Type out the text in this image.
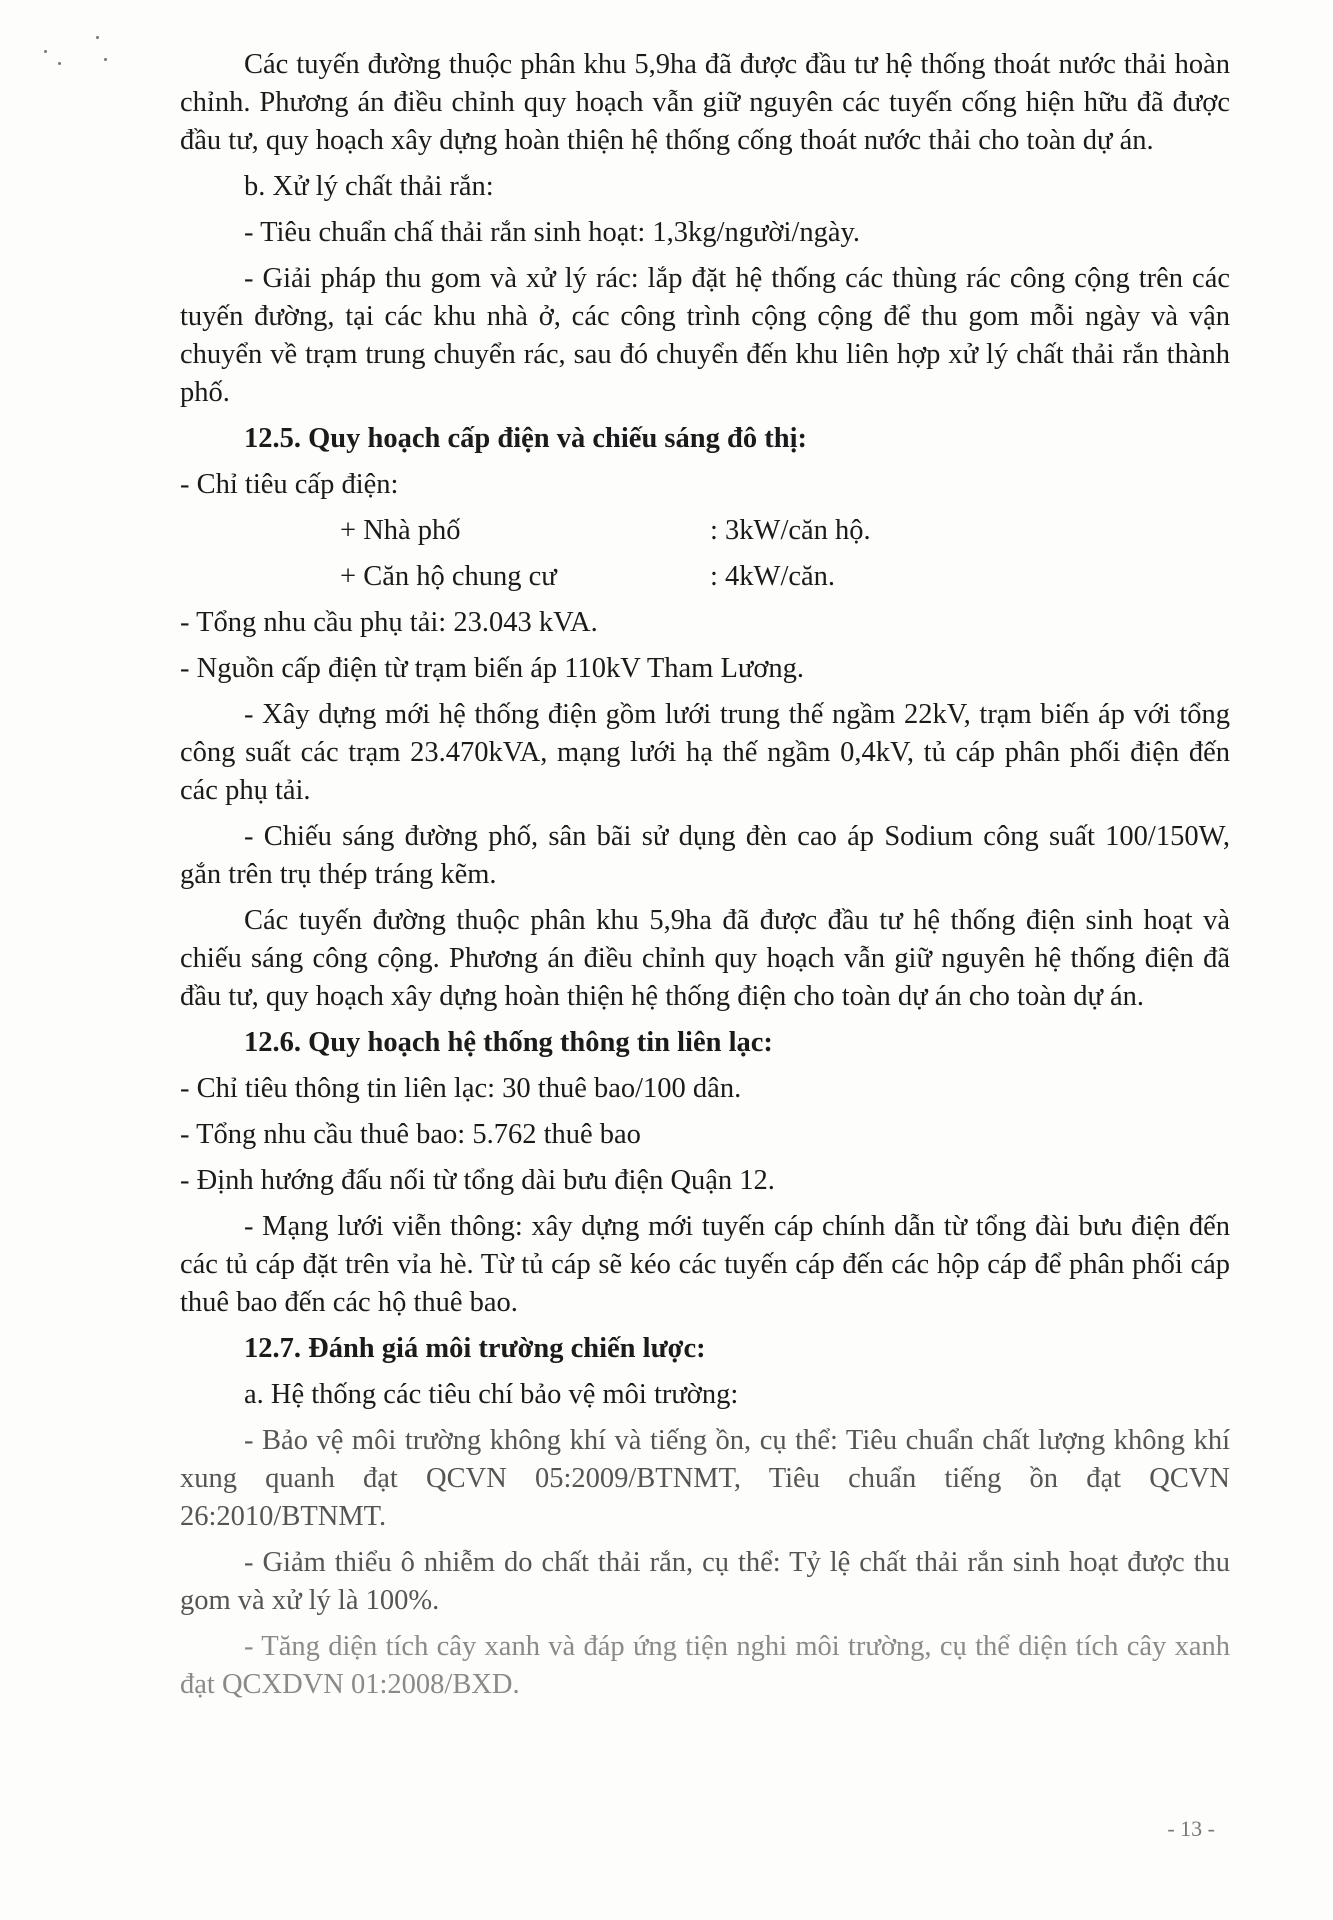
Các tuyến đường thuộc phân khu 5,9ha đã được đầu tư hệ thống thoát nước thải hoàn chỉnh. Phương án điều chỉnh quy hoạch vẫn giữ nguyên các tuyến cống hiện hữu đã được đầu tư, quy hoạch xây dựng hoàn thiện hệ thống cống thoát nước thải cho toàn dự án.

b. Xử lý chất thải rắn:

- Tiêu chuẩn chấ thải rắn sinh hoạt: 1,3kg/người/ngày.

- Giải pháp thu gom và xử lý rác: lắp đặt hệ thống các thùng rác công cộng trên các tuyến đường, tại các khu nhà ở, các công trình cộng cộng để thu gom mỗi ngày và vận chuyển về trạm trung chuyển rác, sau đó chuyển đến khu liên hợp xử lý chất thải rắn thành phố.

12.5. Quy hoạch cấp điện và chiếu sáng đô thị:

- Chỉ tiêu cấp điện:

+ Nhà phố	: 3kW/căn hộ.
+ Căn hộ chung cư	: 4kW/căn.

- Tổng nhu cầu phụ tải: 23.043 kVA.

- Nguồn cấp điện từ trạm biến áp 110kV Tham Lương.

- Xây dựng mới hệ thống điện gồm lưới trung thế ngầm 22kV, trạm biến áp với tổng công suất các trạm 23.470kVA, mạng lưới hạ thế ngầm 0,4kV, tủ cáp phân phối điện đến các phụ tải.

- Chiếu sáng đường phố, sân bãi sử dụng đèn cao áp Sodium công suất 100/150W, gắn trên trụ thép tráng kẽm.

Các tuyến đường thuộc phân khu 5,9ha đã được đầu tư hệ thống điện sinh hoạt và chiếu sáng công cộng. Phương án điều chỉnh quy hoạch vẫn giữ nguyên hệ thống điện đã đầu tư, quy hoạch xây dựng hoàn thiện hệ thống điện cho toàn dự án cho toàn dự án.

12.6. Quy hoạch hệ thống thông tin liên lạc:

- Chỉ tiêu thông tin liên lạc: 30 thuê bao/100 dân.

- Tổng nhu cầu thuê bao: 5.762 thuê bao

- Định hướng đấu nối từ tổng dài bưu điện Quận 12.

- Mạng lưới viễn thông: xây dựng mới tuyến cáp chính dẫn từ tổng đài bưu điện đến các tủ cáp đặt trên vỉa hè. Từ tủ cáp sẽ kéo các tuyến cáp đến các hộp cáp để phân phối cáp thuê bao đến các hộ thuê bao.

12.7. Đánh giá môi trường chiến lược:

a. Hệ thống các tiêu chí bảo vệ môi trường:

- Bảo vệ môi trường không khí và tiếng ồn, cụ thể: Tiêu chuẩn chất lượng không khí xung quanh đạt QCVN 05:2009/BTNMT, Tiêu chuẩn tiếng ồn đạt QCVN 26:2010/BTNMT.

- Giảm thiểu ô nhiễm do chất thải rắn, cụ thể: Tỷ lệ chất thải rắn sinh hoạt được thu gom và xử lý là 100%.

- Tăng diện tích cây xanh và đáp ứng tiện nghi môi trường, cụ thể diện tích cây xanh đạt QCXDVN 01:2008/BXD.

- 13 -
